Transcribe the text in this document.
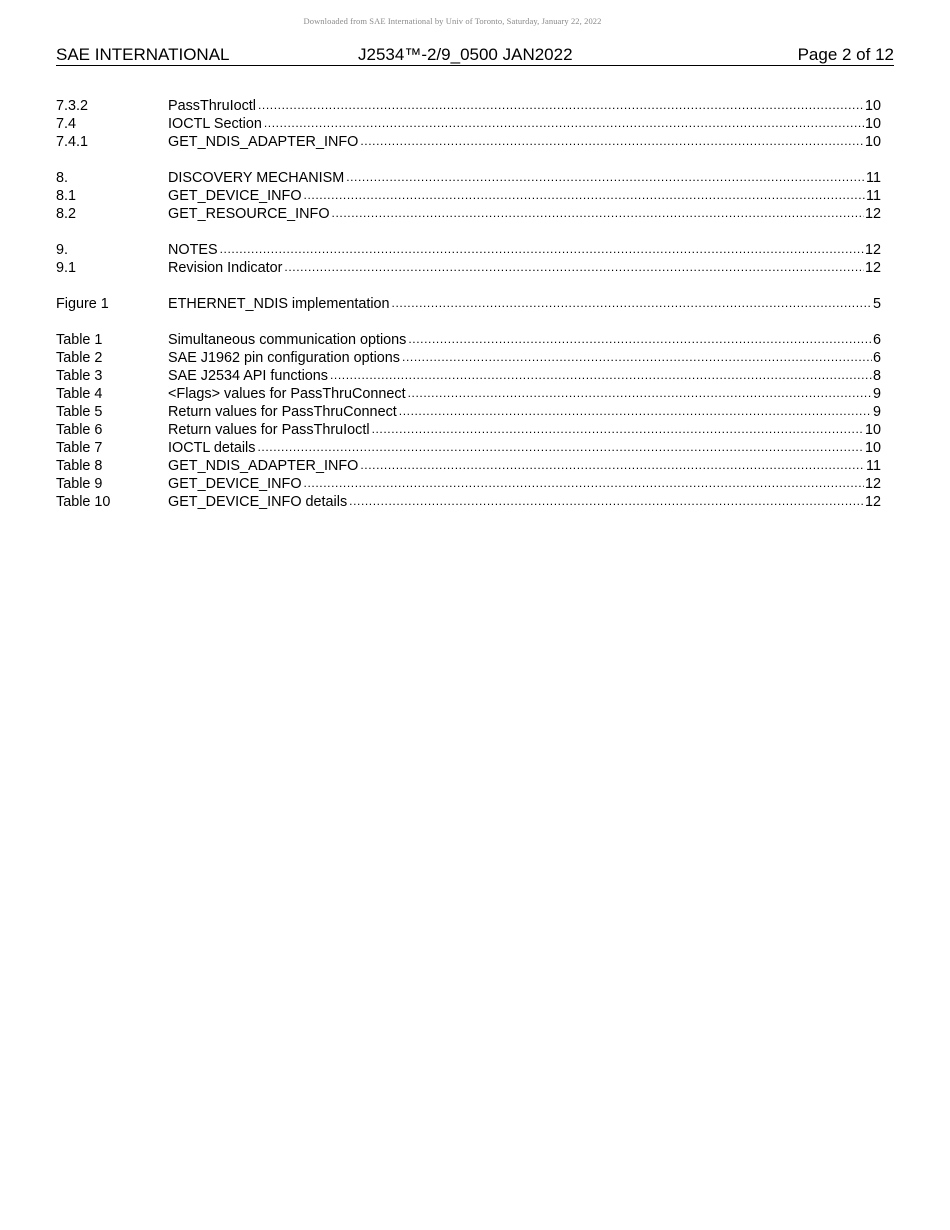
Downloaded from SAE International by Univ of Toronto, Saturday, January 22, 2022
SAE INTERNATIONAL	J2534™-2/9_0500 JAN2022	Page 2 of 12
7.3.2	PassThruIoctl .....	10
7.4	IOCTL Section .....	10
7.4.1	GET_NDIS_ADAPTER_INFO .....	10
8.	DISCOVERY MECHANISM .....	11
8.1	GET_DEVICE_INFO .....	11
8.2	GET_RESOURCE_INFO .....	12
9.	NOTES .....	12
9.1	Revision Indicator .....	12
Figure 1	ETHERNET_NDIS implementation .....	5
Table 1	Simultaneous communication options .....	6
Table 2	SAE J1962 pin configuration options .....	6
Table 3	SAE J2534 API functions .....	8
Table 4	<Flags> values for PassThruConnect .....	9
Table 5	Return values for PassThruConnect .....	9
Table 6	Return values for PassThruIoctl .....	10
Table 7	IOCTL details .....	10
Table 8	GET_NDIS_ADAPTER_INFO .....	11
Table 9	GET_DEVICE_INFO .....	12
Table 10	GET_DEVICE_INFO details .....	12
